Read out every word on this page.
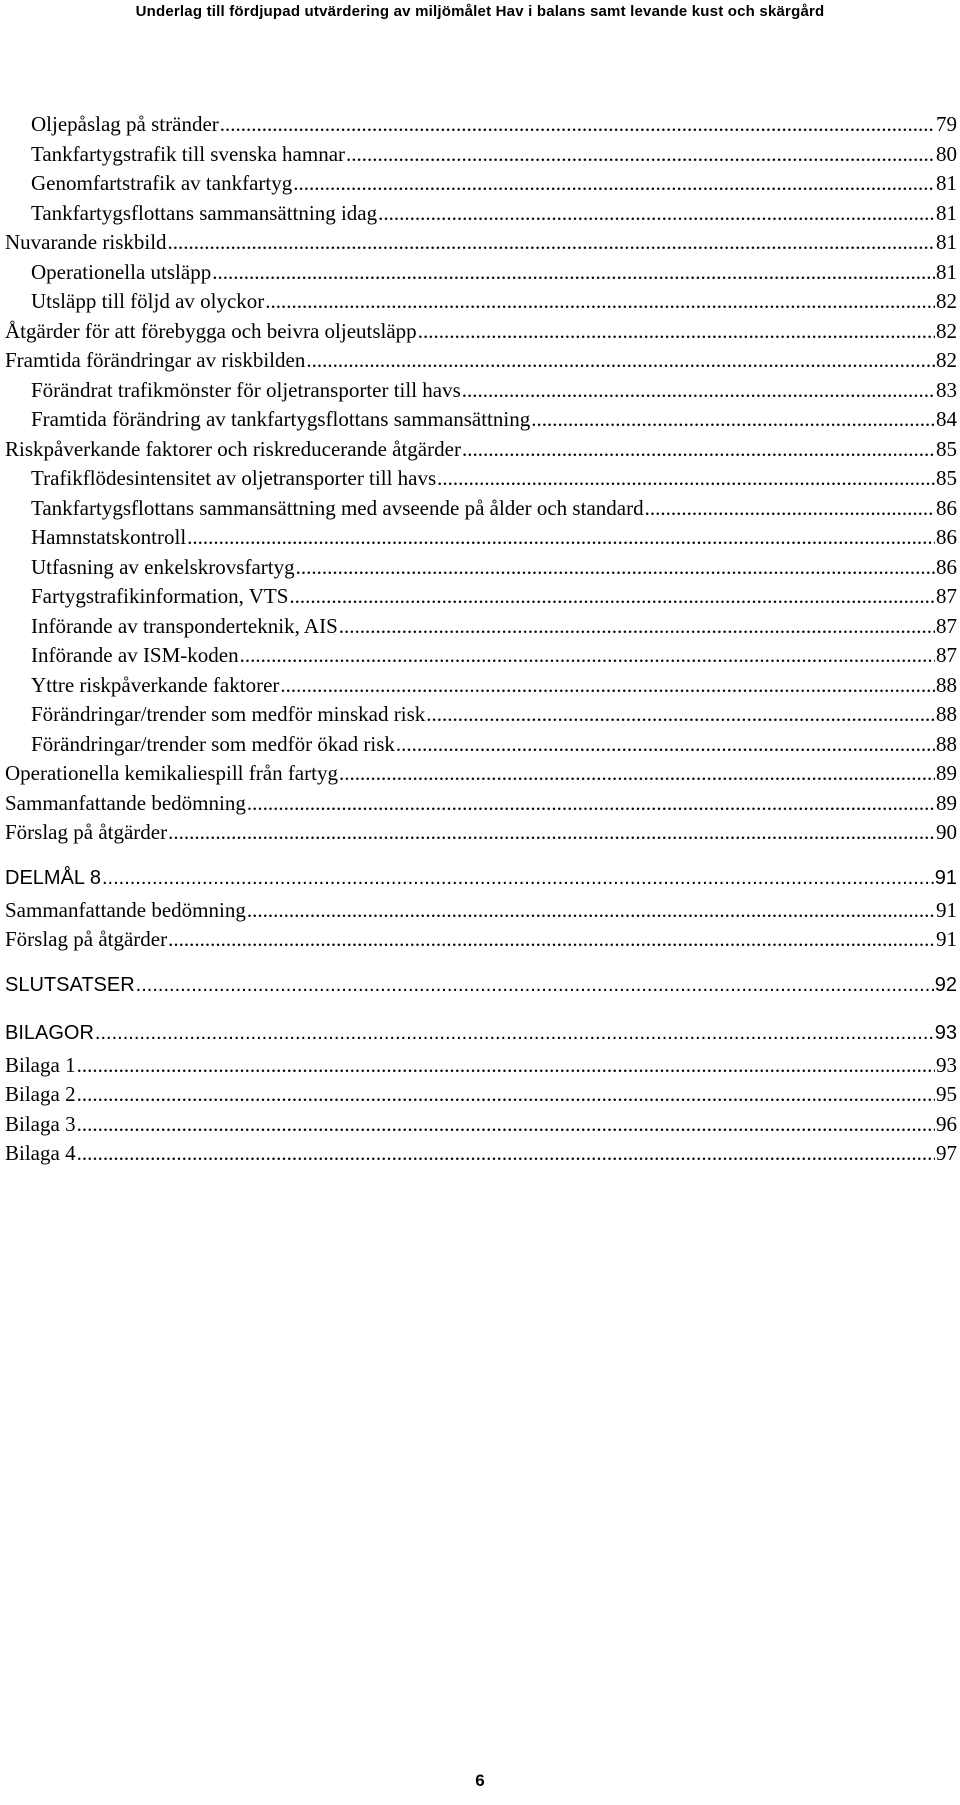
Underlag till fördjupad utvärdering av miljömålet Hav i balans samt levande kust och skärgård
Oljepåslag på stränder .....	79
Tankfartygstrafik till svenska hamnar .....	80
Genomfartstrafik av tankfartyg .....	81
Tankfartygsflottans sammansättning idag .....	81
Nuvarande riskbild .....	81
Operationella utsläpp .....	81
Utsläpp till följd av olyckor .....	82
Åtgärder för att förebygga och beivra oljeutsläpp .....	82
Framtida förändringar av riskbilden .....	82
Förändrat trafikmönster för oljetransporter till havs .....	83
Framtida förändring av tankfartygsflottans sammansättning .....	84
Riskpåverkande faktorer och riskreducerande åtgärder .....	85
Trafikflödesintensitet av oljetransporter till havs .....	85
Tankfartygsflottans sammansättning med avseende på ålder och standard .....	86
Hamnstatskontroll .....	86
Utfasning av enkelskrovsfartyg .....	86
Fartygstrafikinformation, VTS .....	87
Införande av transponderteknik, AIS .....	87
Införande av ISM-koden .....	87
Yttre riskpåverkande faktorer .....	88
Förändringar/trender som medför minskad risk .....	88
Förändringar/trender som medför ökad risk .....	88
Operationella kemikaliespill från fartyg .....	89
Sammanfattande bedömning .....	89
Förslag på åtgärder .....	90
DELMÅL 8 .....	91
Sammanfattande bedömning .....	91
Förslag på åtgärder .....	91
SLUTSATSER .....	92
BILAGOR .....	93
Bilaga 1 .....	93
Bilaga 2 .....	95
Bilaga 3 .....	96
Bilaga 4 .....	97
6
